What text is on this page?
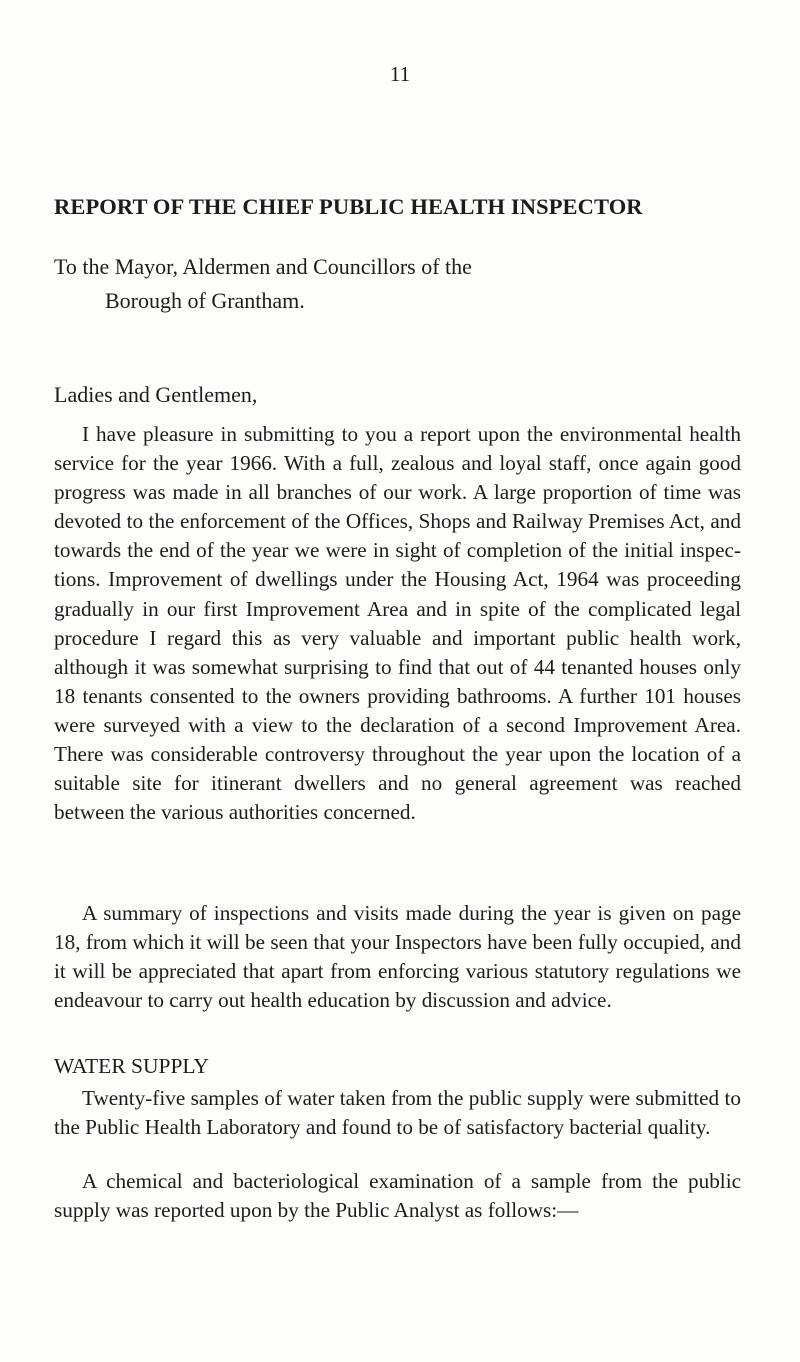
11
REPORT OF THE CHIEF PUBLIC HEALTH INSPECTOR
To the Mayor, Aldermen and Councillors of the
Borough of Grantham.
Ladies and Gentlemen,

I have pleasure in submitting to you a report upon the environmental health service for the year 1966. With a full, zealous and loyal staff, once again good progress was made in all branches of our work. A large proportion of time was devoted to the enforcement of the Offices, Shops and Railway Premises Act, and towards the end of the year we were in sight of completion of the initial inspections. Improvement of dwellings under the Housing Act, 1964 was proceeding gradually in our first Improvement Area and in spite of the complicated legal procedure I regard this as very valuable and important public health work, although it was somewhat surprising to find that out of 44 tenanted houses only 18 tenants consented to the owners providing bathrooms. A further 101 houses were surveyed with a view to the declaration of a second Improvement Area. There was considerable controversy throughout the year upon the location of a suitable site for itinerant dwellers and no general agreement was reached between the various authorities concerned.

A summary of inspections and visits made during the year is given on page 18, from which it will be seen that your Inspectors have been fully occupied, and it will be appreciated that apart from enforcing various statutory regulations we endeavour to carry out health education by discussion and advice.

WATER SUPPLY

Twenty-five samples of water taken from the public supply were submitted to the Public Health Laboratory and found to be of satisfactory bacterial quality.

A chemical and bacteriological examination of a sample from the public supply was reported upon by the Public Analyst as follows:—
